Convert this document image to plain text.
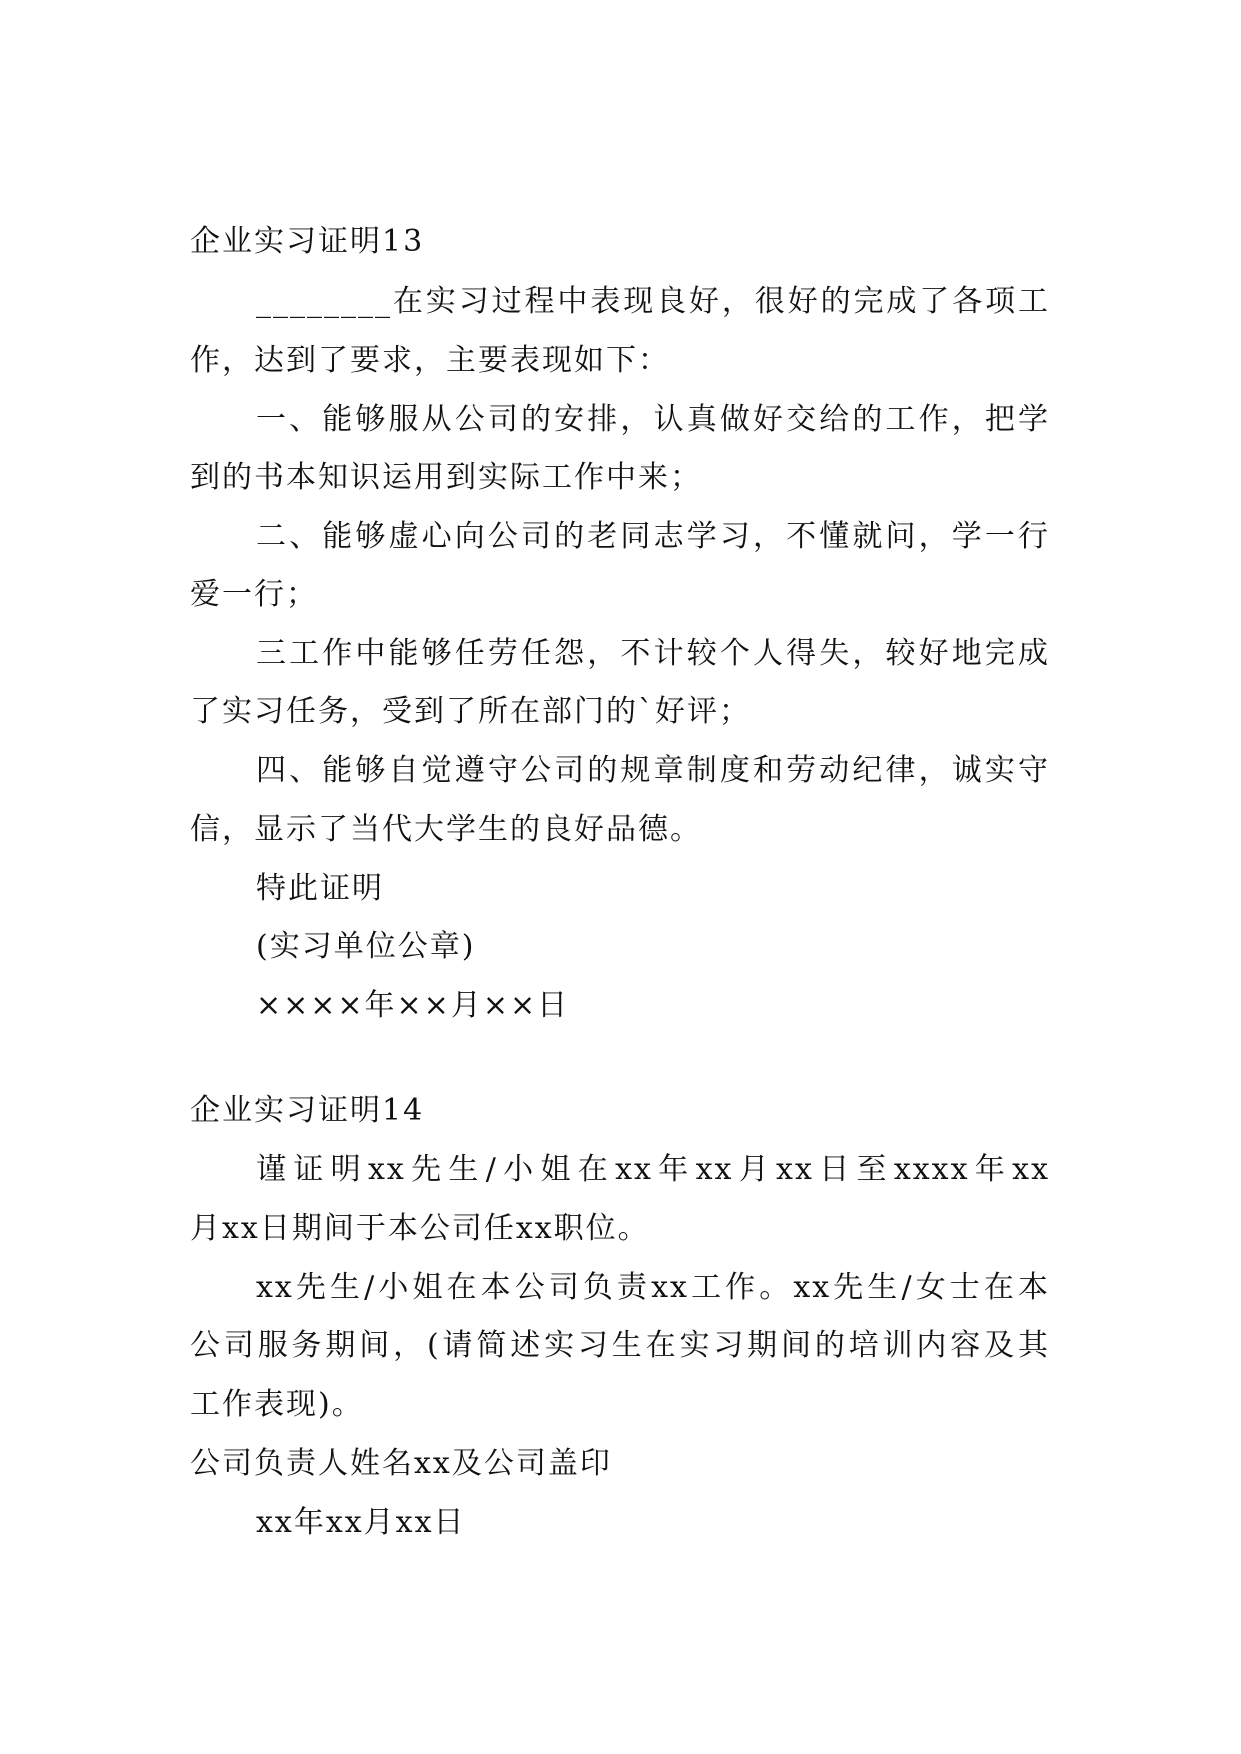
企业实习证明13
________在实习过程中表现良好，很好的完成了各项工
作，达到了要求，主要表现如下：
一、能够服从公司的安排，认真做好交给的工作，把学
到的书本知识运用到实际工作中来；
二、能够虚心向公司的老同志学习，不懂就问，学一行
爱一行；
三工作中能够任劳任怨，不计较个人得失，较好地完成
了实习任务，受到了所在部门的`好评；
四、能够自觉遵守公司的规章制度和劳动纪律，诚实守
信，显示了当代大学生的良好品德。
特此证明
(实习单位公章)
××××年××月××日
企业实习证明14
谨证明xx先生/小姐在xx年xx月xx日至xxxx年xx
月xx日期间于本公司任xx职位。
xx先生/小姐在本公司负责xx工作。xx先生/女士在本
公司服务期间，(请简述实习生在实习期间的培训内容及其
工作表现)。
公司负责人姓名xx及公司盖印
xx年xx月xx日
